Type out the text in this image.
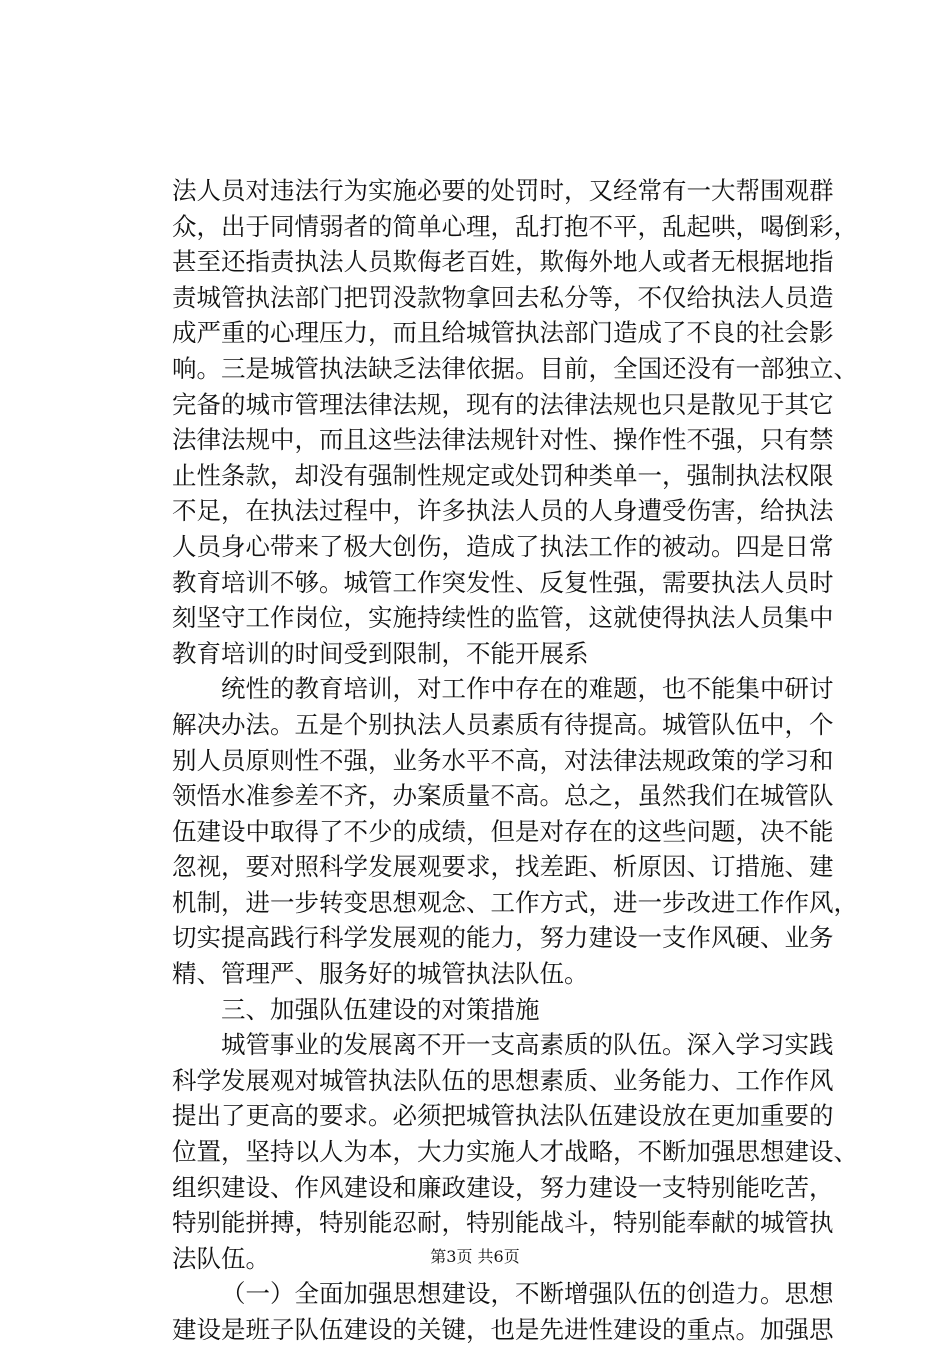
法人员对违法行为实施必要的处罚时，又经常有一大帮围观群
众，出于同情弱者的简单心理，乱打抱不平，乱起哄，喝倒彩，
甚至还指责执法人员欺侮老百姓，欺侮外地人或者无根据地指
责城管执法部门把罚没款物拿回去私分等，不仅给执法人员造
成严重的心理压力，而且给城管执法部门造成了不良的社会影
响。三是城管执法缺乏法律依据。目前，全国还没有一部独立、
完备的城市管理法律法规，现有的法律法规也只是散见于其它
法律法规中，而且这些法律法规针对性、操作性不强，只有禁
止性条款，却没有强制性规定或处罚种类单一，强制执法权限
不足，在执法过程中，许多执法人员的人身遭受伤害，给执法
人员身心带来了极大创伤，造成了执法工作的被动。四是日常
教育培训不够。城管工作突发性、反复性强，需要执法人员时
刻坚守工作岗位，实施持续性的监管，这就使得执法人员集中
教育培训的时间受到限制，不能开展系
统性的教育培训，对工作中存在的难题，也不能集中研讨
解决办法。五是个别执法人员素质有待提高。城管队伍中，个
别人员原则性不强，业务水平不高，对法律法规政策的学习和
领悟水准参差不齐，办案质量不高。总之，虽然我们在城管队
伍建设中取得了不少的成绩，但是对存在的这些问题，决不能
忽视，要对照科学发展观要求，找差距、析原因、订措施、建
机制，进一步转变思想观念、工作方式，进一步改进工作作风，
切实提高践行科学发展观的能力，努力建设一支作风硬、业务
精、管理严、服务好的城管执法队伍。
三、加强队伍建设的对策措施
城管事业的发展离不开一支高素质的队伍。深入学习实践
科学发展观对城管执法队伍的思想素质、业务能力、工作作风
提出了更高的要求。必须把城管执法队伍建设放在更加重要的
位置，坚持以人为本，大力实施人才战略，不断加强思想建设、
组织建设、作风建设和廉政建设，努力建设一支特别能吃苦，
特别能拼搏，特别能忍耐，特别能战斗，特别能奉献的城管执
法队伍。
（一）全面加强思想建设，不断增强队伍的创造力。思想
建设是班子队伍建设的关键，也是先进性建设的重点。加强思
第3页 共6页
